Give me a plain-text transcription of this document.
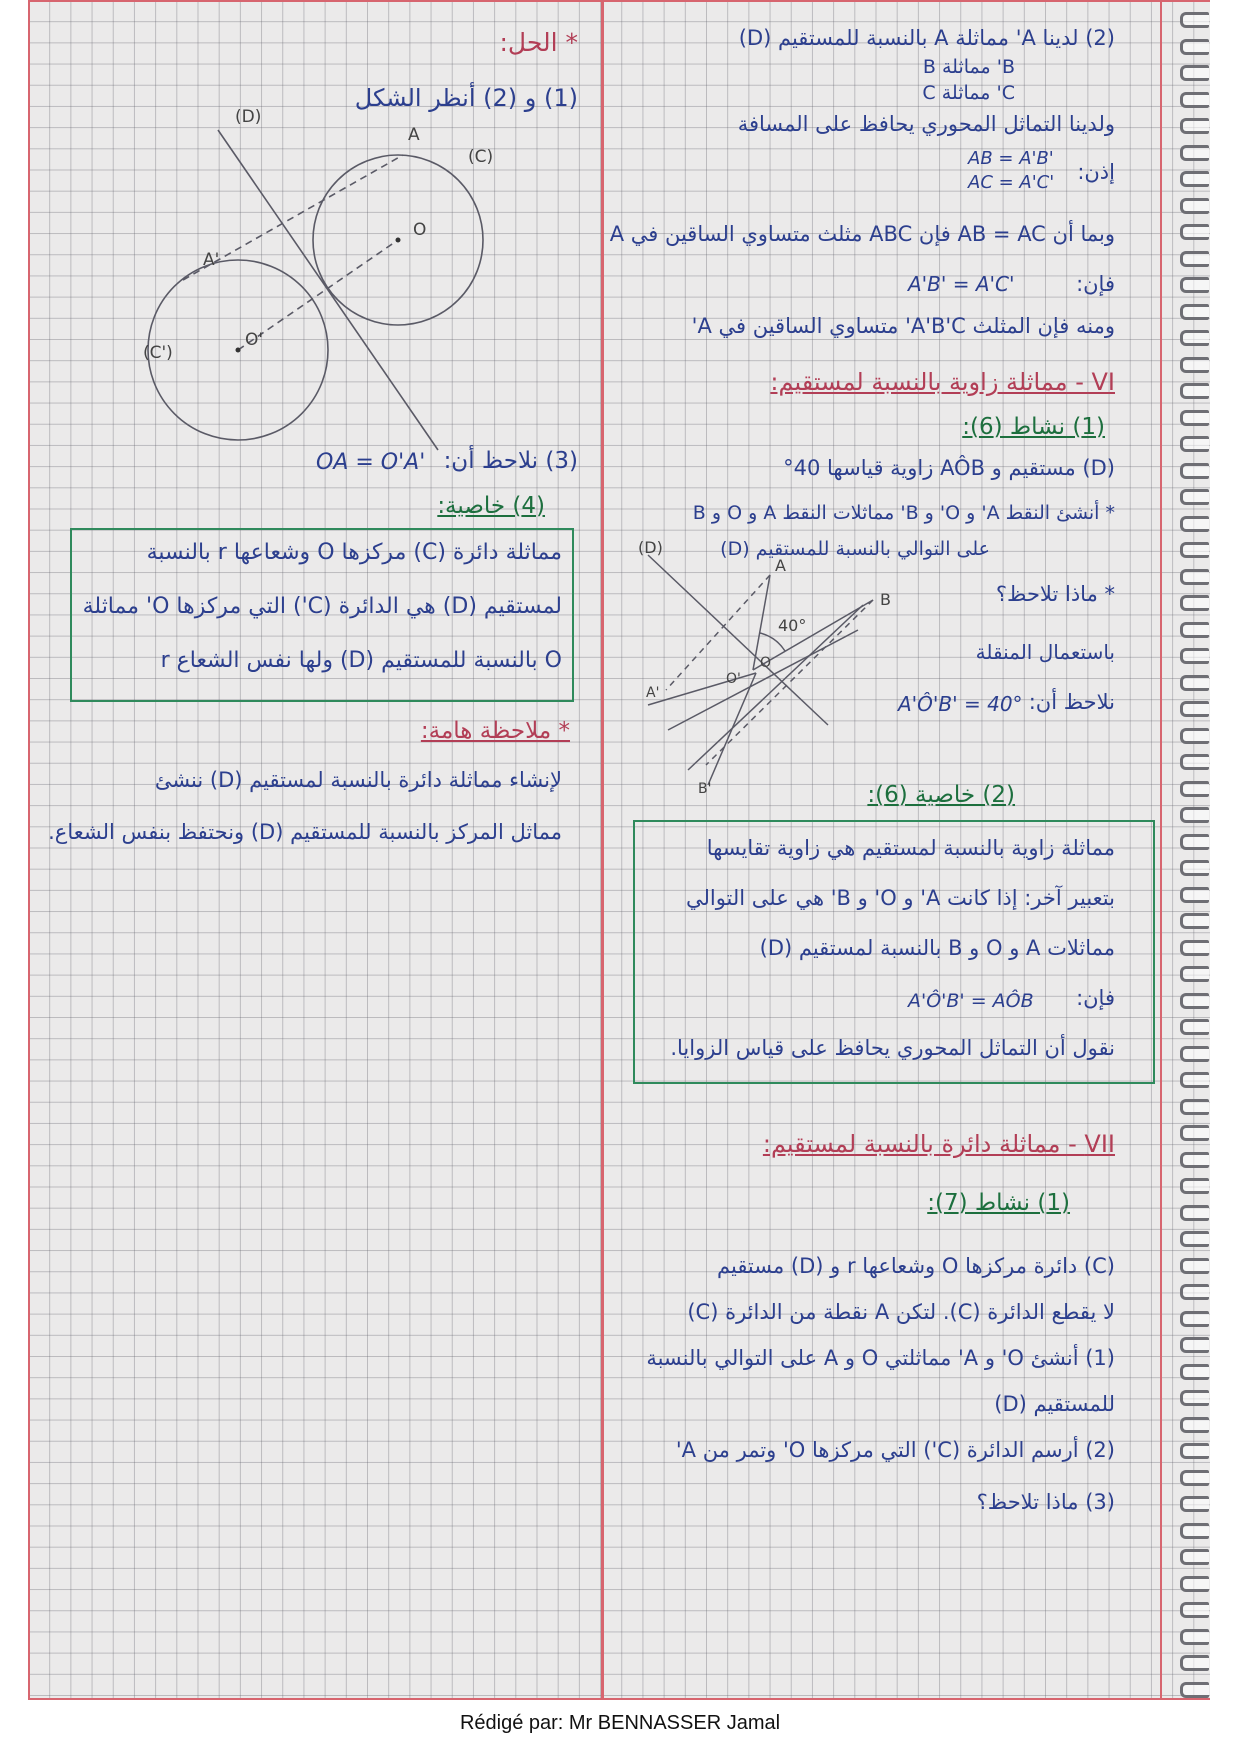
* الحل:
(1) و (2) أنظر الشكل
(D)
(C)
(C')
A
A'
O
O'
(3) نلاحظ أن:
OA = O'A'
(4) خاصية:
مماثلة دائرة (C) مركزها O وشعاعها r بالنسبة
لمستقيم (D) هي الدائرة (C') التي مركزها O' مماثلة
O بالنسبة للمستقيم (D) ولها نفس الشعاع r
* ملاحظة هامة:
لإنشاء مماثلة دائرة بالنسبة لمستقيم (D) ننشئ
مماثل المركز بالنسبة للمستقيم (D) ونحتفظ بنفس الشعاع.
(2) لدينا A' مماثلة A بالنسبة للمستقيم (D)
B' مماثلة B
C' مماثلة C
ولدينا التماثل المحوري يحافظ على المسافة
AB = A'B'
AC = A'C' إذن:
وبما أن AB = AC فإن ABC مثلث متساوي الساقين في A
فإن:
A'B' = A'C'
ومنه فإن المثلث A'B'C' متساوي الساقين في A'
VI - مماثلة زاوية بالنسبة لمستقيم:
(1) نشاط (6):
(D) مستقيم و AÔB زاوية قياسها 40°
* أنشئ النقط A' و O' و B' مماثلات النقط A و O و B
على التوالي بالنسبة للمستقيم (D)
* ماذا تلاحظ؟
(D)
A
B
40°
O
O'
A'
B'
باستعمال المنقلة
نلاحظ أن:
A'Ô'B' = 40°
(2) خاصية (6):
مماثلة زاوية بالنسبة لمستقيم هي زاوية تقايسها
بتعبير آخر: إذا كانت A' و O' و B' هي على التوالي
مماثلات A و O و B بالنسبة لمستقيم (D)
فإن:
A'Ô'B' = AÔB
نقول أن التماثل المحوري يحافظ على قياس الزوايا.
VII - مماثلة دائرة بالنسبة لمستقيم:
(1) نشاط (7):
(C) دائرة مركزها O وشعاعها r و (D) مستقيم
لا يقطع الدائرة (C). لتكن A نقطة من الدائرة (C)
(1) أنشئ O' و A' مماثلتي O و A على التوالي بالنسبة
للمستقيم (D)
(2) أرسم الدائرة (C') التي مركزها O' وتمر من A'
(3) ماذا تلاحظ؟
Rédigé par: Mr BENNASSER Jamal
